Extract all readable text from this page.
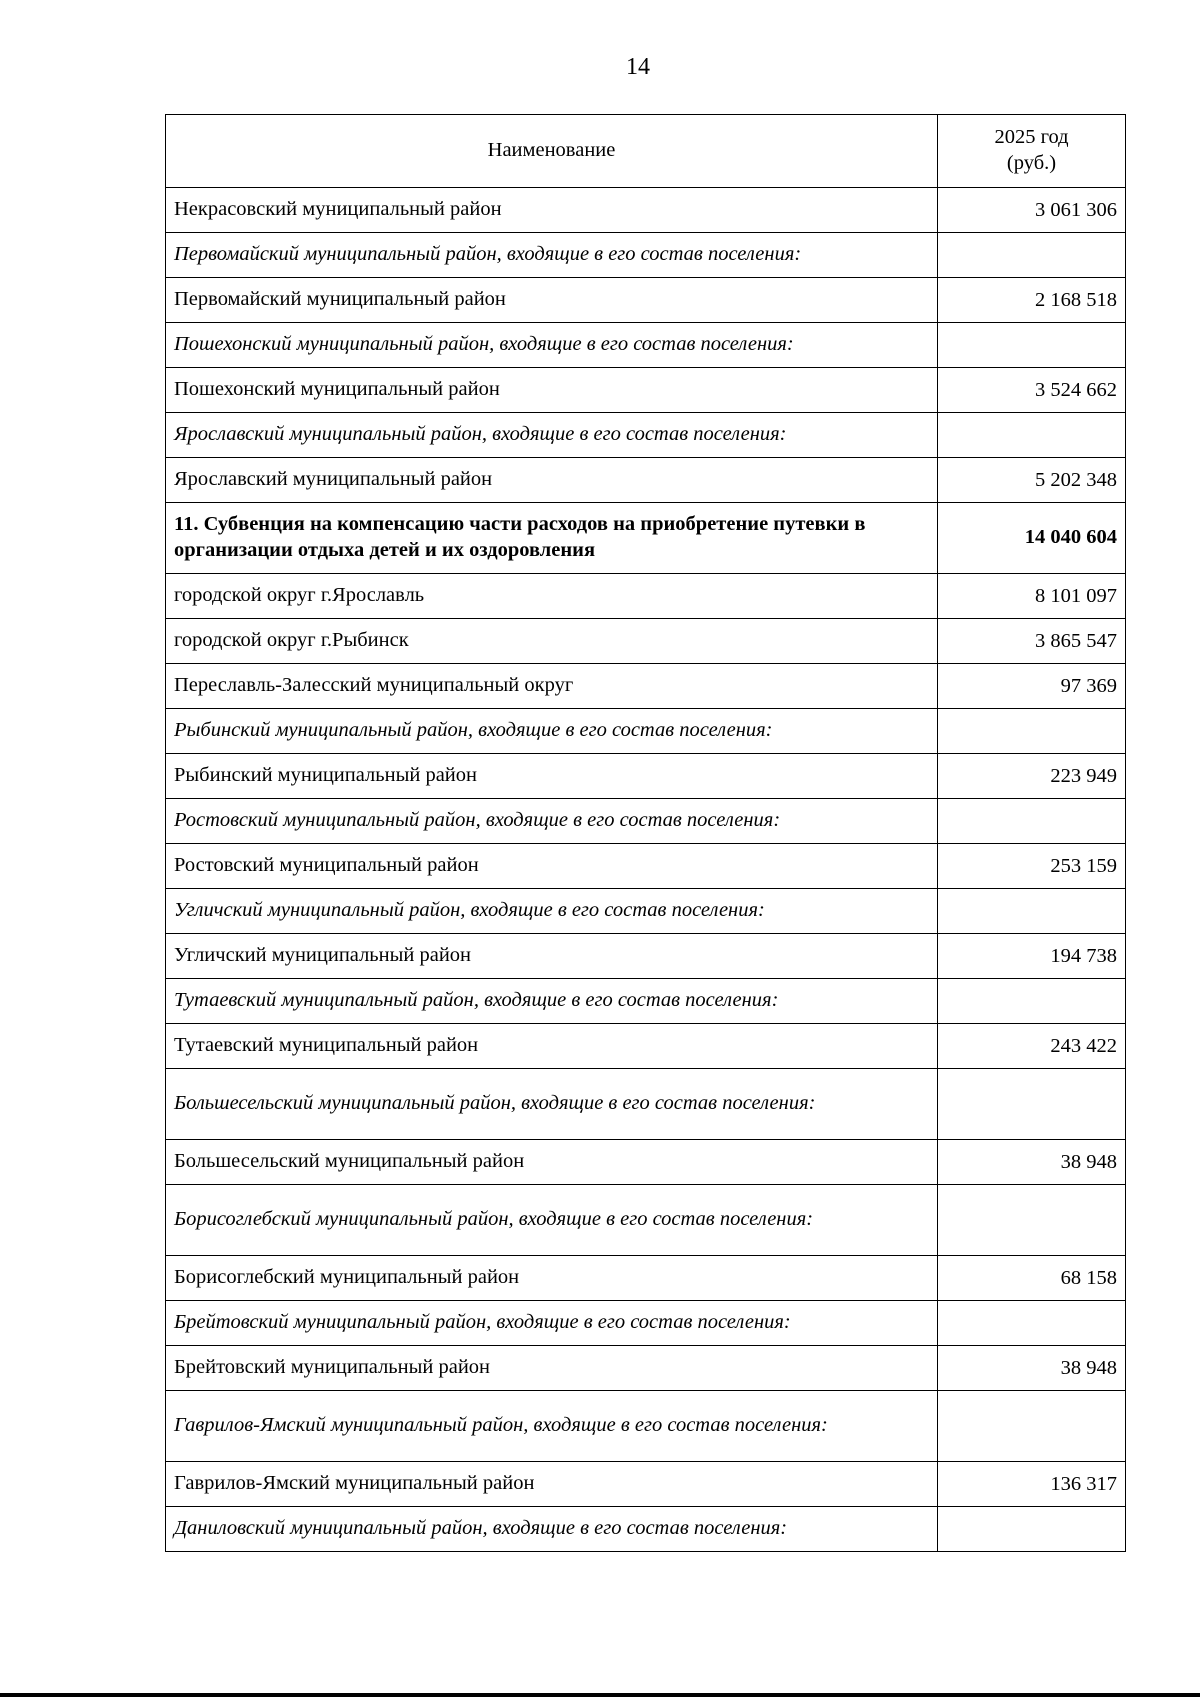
14
Наименование	2025 год
(руб.)
Некрасовский муниципальный район	3 061 306
Первомайский муниципальный район, входящие в его состав поселения:	
Первомайский муниципальный район	2 168 518
Пошехонский муниципальный район, входящие в его состав поселения:	
Пошехонский муниципальный район	3 524 662
Ярославский муниципальный район, входящие в его состав поселения:	
Ярославский муниципальный район	5 202 348
11. Субвенция на компенсацию части расходов на приобретение путевки в организации отдыха детей и их оздоровления	14 040 604
городской округ г.Ярославль	8 101 097
городской округ г.Рыбинск	3 865 547
Переславль-Залесский муниципальный округ	97 369
Рыбинский муниципальный район, входящие в его состав поселения:	
Рыбинский муниципальный район	223 949
Ростовский муниципальный район, входящие в его состав поселения:	
Ростовский муниципальный район	253 159
Угличский муниципальный район, входящие в его состав поселения:	
Угличский муниципальный район	194 738
Тутаевский муниципальный район, входящие в его состав поселения:	
Тутаевский муниципальный район	243 422
Большесельский муниципальный район, входящие в его состав поселения:	
Большесельский муниципальный район	38 948
Борисоглебский муниципальный район, входящие в его состав поселения:	
Борисоглебский муниципальный район	68 158
Брейтовский муниципальный район, входящие в его состав поселения:	
Брейтовский муниципальный район	38 948
Гаврилов-Ямский муниципальный район, входящие в его состав поселения:	
Гаврилов-Ямский муниципальный район	136 317
Даниловский муниципальный район, входящие в его состав поселения:	
